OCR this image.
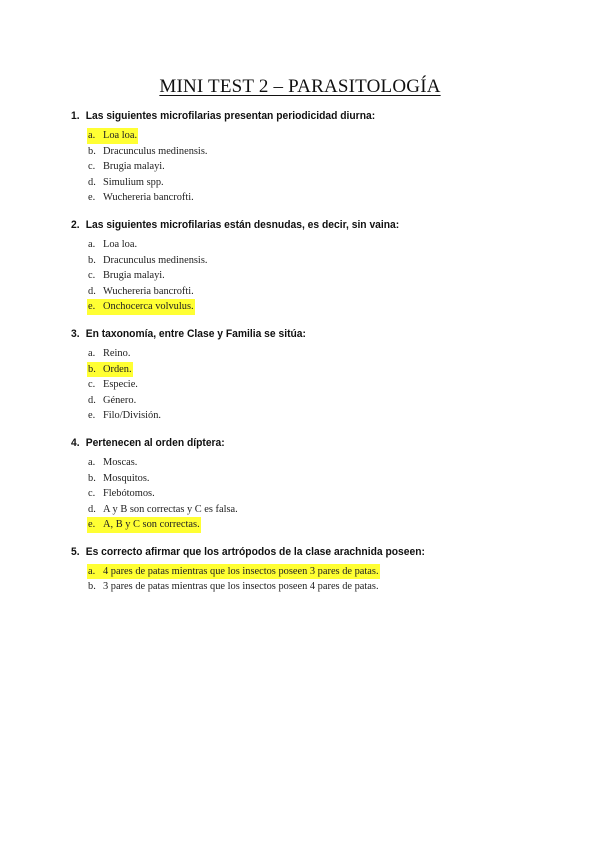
MINI TEST 2 – PARASITOLOGÍA
1. Las siguientes microfilarias presentan periodicidad diurna:
a. Loa loa.
b. Dracunculus medinensis.
c. Brugia malayi.
d. Simulium spp.
e. Wuchereria bancrofti.
2. Las siguientes microfilarias están desnudas, es decir, sin vaina:
a. Loa loa.
b. Dracunculus medinensis.
c. Brugia malayi.
d. Wuchereria bancrofti.
e. Onchocerca volvulus.
3. En taxonomía, entre Clase y Familia se sitúa:
a. Reino.
b. Orden.
c. Especie.
d. Género.
e. Filo/División.
4. Pertenecen al orden díptera:
a. Moscas.
b. Mosquitos.
c. Flebótomos.
d. A y B son correctas y C es falsa.
e. A, B y C son correctas.
5. Es correcto afirmar que los artrópodos de la clase arachnida poseen:
a. 4 pares de patas mientras que los insectos poseen 3 pares de patas.
b. 3 pares de patas mientras que los insectos poseen 4 pares de patas.
